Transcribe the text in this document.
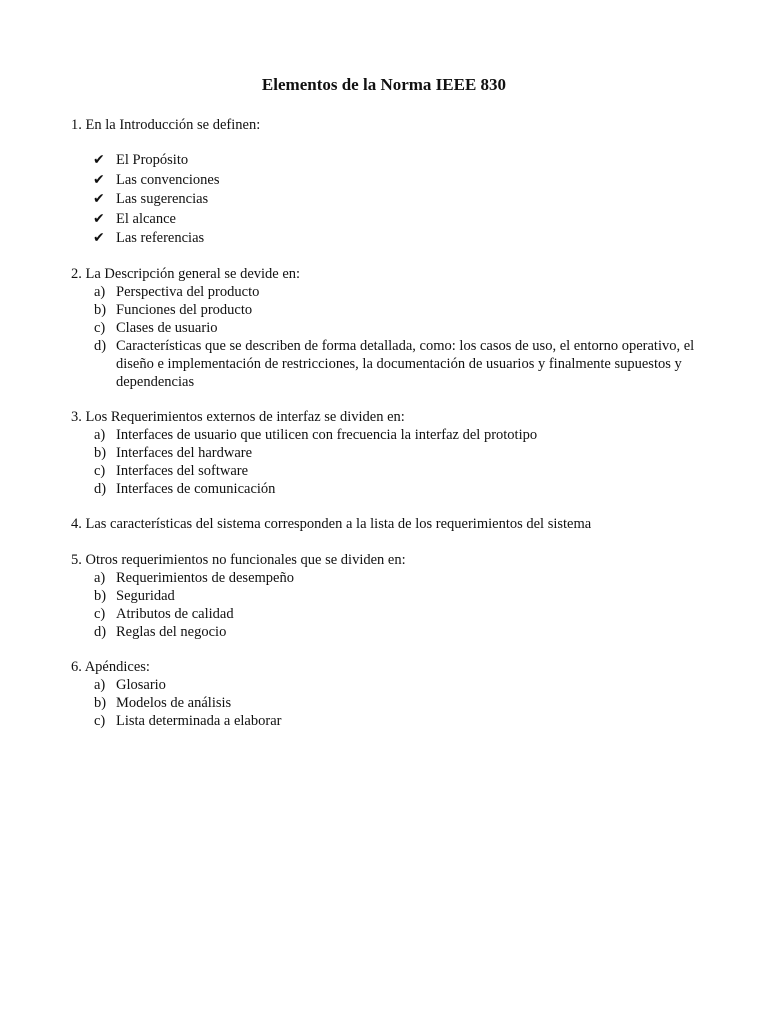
Elementos de la Norma IEEE 830
1. En la Introducción se definen:
✔ El Propósito
✔ Las convenciones
✔ Las sugerencias
✔ El alcance
✔ Las referencias
2. La Descripción general se devide en:
a) Perspectiva del producto
b) Funciones del producto
c) Clases de usuario
d) Características que se describen de forma detallada, como: los casos de uso, el entorno operativo, el diseño e implementación de restricciones, la documentación de usuarios y finalmente supuestos y dependencias
3. Los Requerimientos externos de interfaz se dividen en:
a) Interfaces de usuario que utilicen con frecuencia la interfaz del prototipo
b) Interfaces del hardware
c) Interfaces del software
d) Interfaces de comunicación
4. Las características del sistema corresponden a la lista de los requerimientos del sistema
5. Otros requerimientos no funcionales que se dividen en:
a) Requerimientos de desempeño
b) Seguridad
c) Atributos de calidad
d) Reglas del negocio
6. Apéndices:
a) Glosario
b) Modelos de análisis
c) Lista determinada a elaborar
